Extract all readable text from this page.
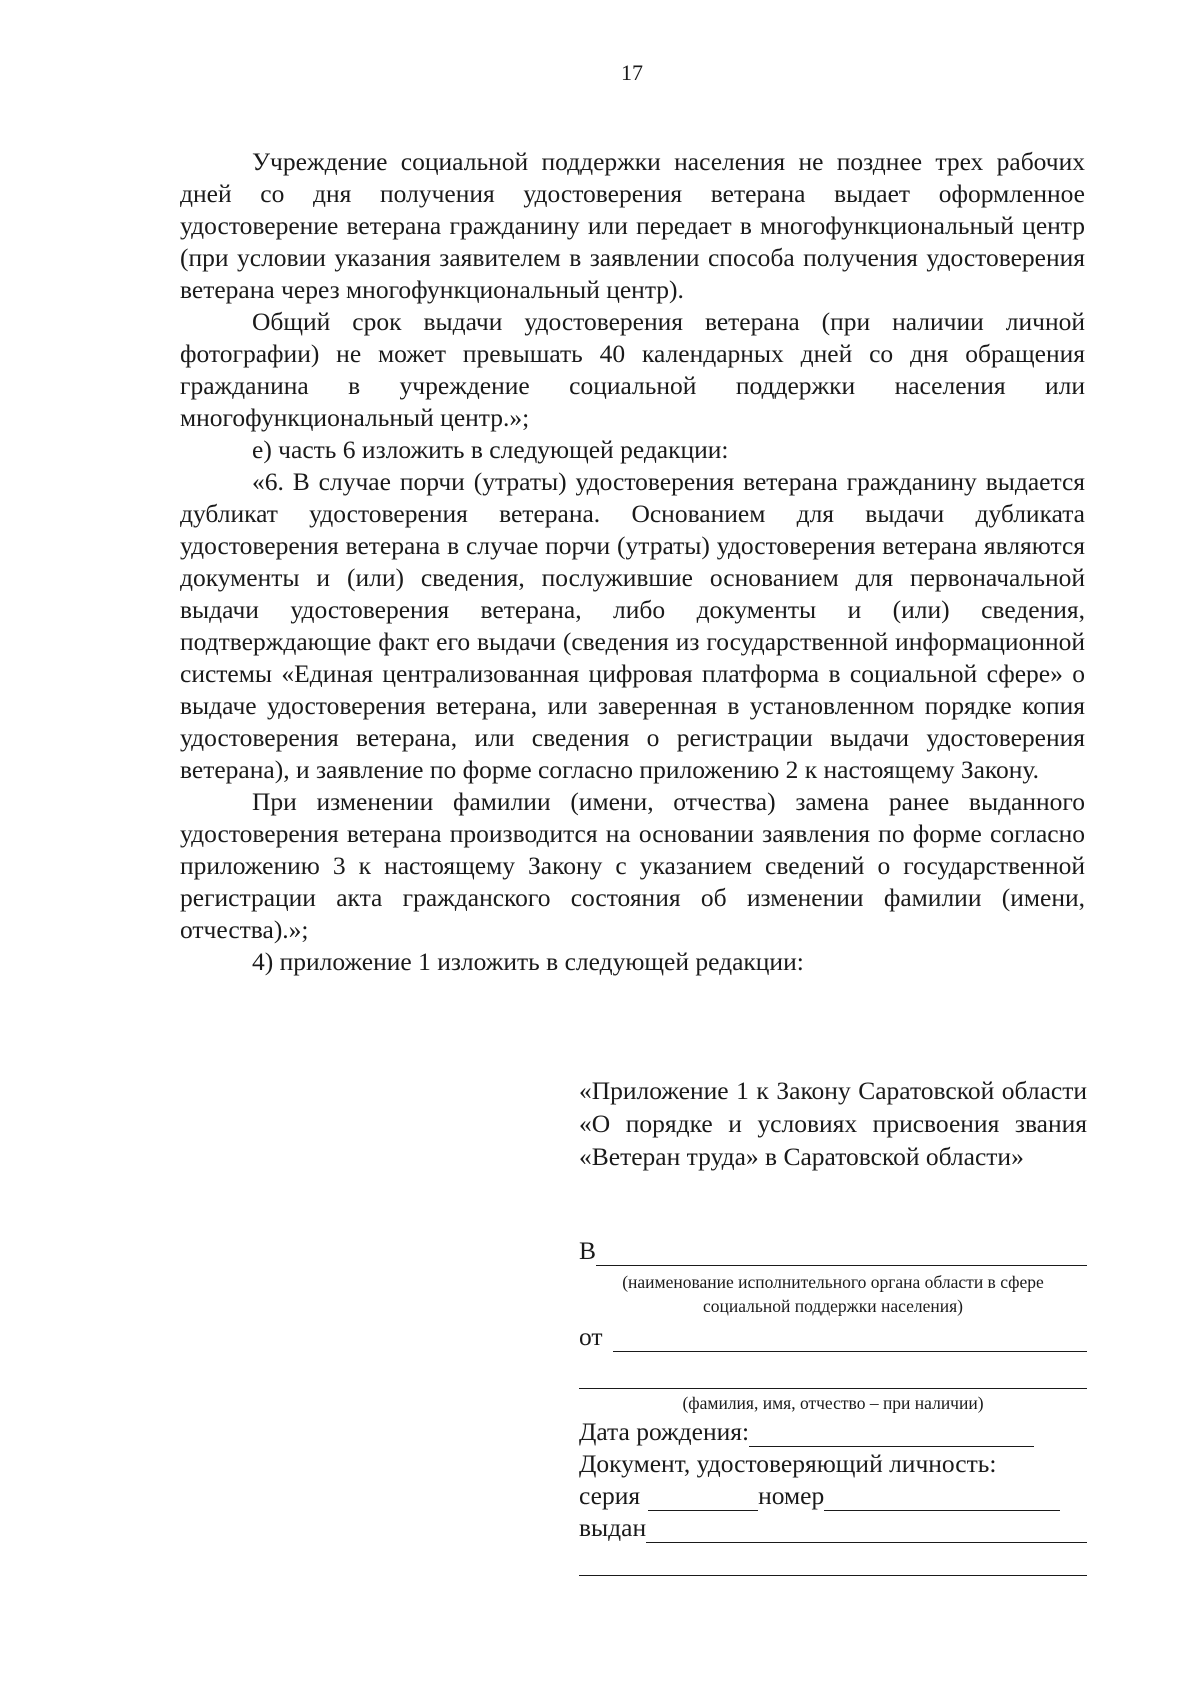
17

Учреждение социальной поддержки населения не позднее трех рабочих дней со дня получения удостоверения ветерана выдает оформленное удостоверение ветерана гражданину или передает в многофункциональный центр (при условии указания заявителем в заявлении способа получения удостоверения ветерана через многофункциональный центр).

Общий срок выдачи удостоверения ветерана (при наличии личной фотографии) не может превышать 40 календарных дней со дня обращения гражданина в учреждение социальной поддержки населения или многофункциональный центр.»;

е) часть 6 изложить в следующей редакции:

«6. В случае порчи (утраты) удостоверения ветерана гражданину выдается дубликат удостоверения ветерана. Основанием для выдачи дубликата удостоверения ветерана в случае порчи (утраты) удостоверения ветерана являются документы и (или) сведения, послужившие основанием для первоначальной выдачи удостоверения ветерана, либо документы и (или) сведения, подтверждающие факт его выдачи (сведения из государственной информационной системы «Единая централизованная цифровая платформа в социальной сфере» о выдаче удостоверения ветерана, или заверенная в установленном порядке копия удостоверения ветерана, или сведения о регистрации выдачи удостоверения ветерана), и заявление по форме согласно приложению 2 к настоящему Закону.

При изменении фамилии (имени, отчества) замена ранее выданного удостоверения ветерана производится на основании заявления по форме согласно приложению 3 к настоящему Закону с указанием сведений о государственной регистрации акта гражданского состояния об изменении фамилии (имени, отчества).»;

4) приложение 1 изложить в следующей редакции:

«Приложение 1 к Закону Саратовской области «О порядке и условиях присвоения звания «Ветеран труда» в Саратовской области»

В
(наименование исполнительного органа области в сфере социальной поддержки населения)
от
(фамилия, имя, отчество – при наличии)
Дата рождения:
Документ, удостоверяющий личность:
серия	номер
выдан
